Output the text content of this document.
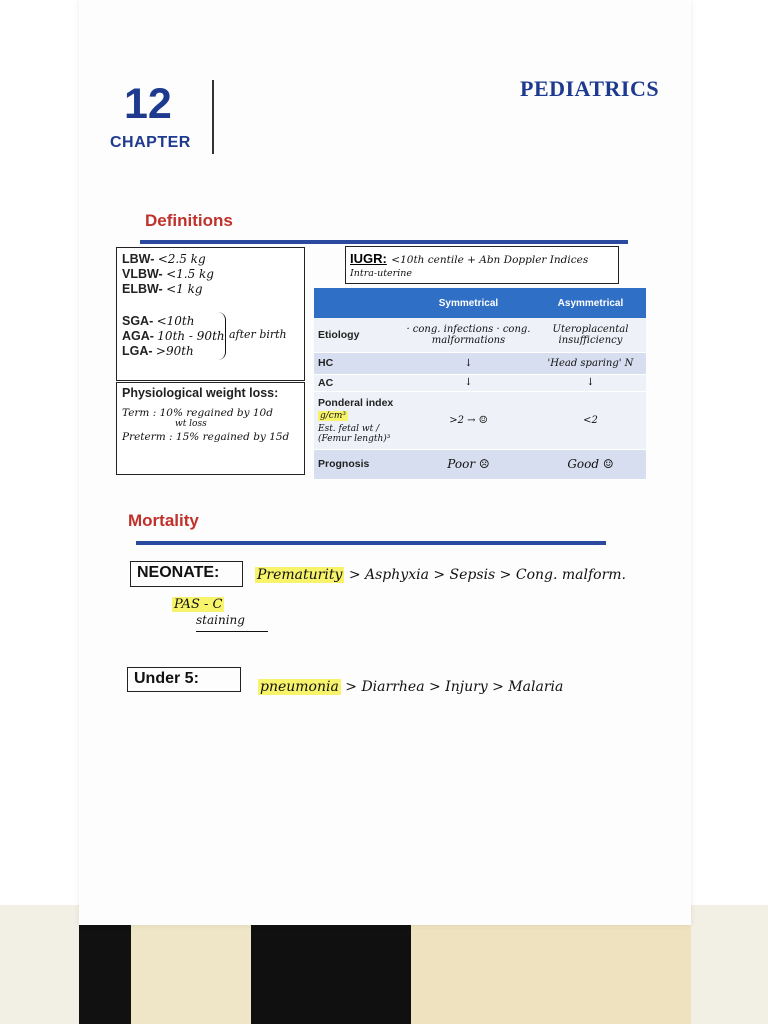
12
CHAPTER
PEDIATRICS
Definitions
LBW- <2.5 kg
VLBW- <1.5 kg
ELBW- <1 kg
SGA- <10th
AGA- 10th - 90th
LGA- >90th
after birth
Physiological weight loss:
Term : 10% regained by 10d
wt loss
Preterm : 15% regained by 15d
IUGR: <10th centile + Abn Doppler Indices
Intra-uterine
	Symmetrical	Asymmetrical
Etiology	· cong. infections · cong. malformations	Uteroplacental insufficiency
HC	↓	'Head sparing' N
AC	↓	↓
Ponderal index g/cm³
Est. fetal wt / (Femur length)³	>2 → ☺	<2
Prognosis	Poor ☹	Good ☺
Mortality
NEONATE:	Prematurity > Asphyxia > Sepsis > Cong. malform.
PAS - C
staining
Under 5:	pneumonia > Diarrhea > Injury > Malaria
